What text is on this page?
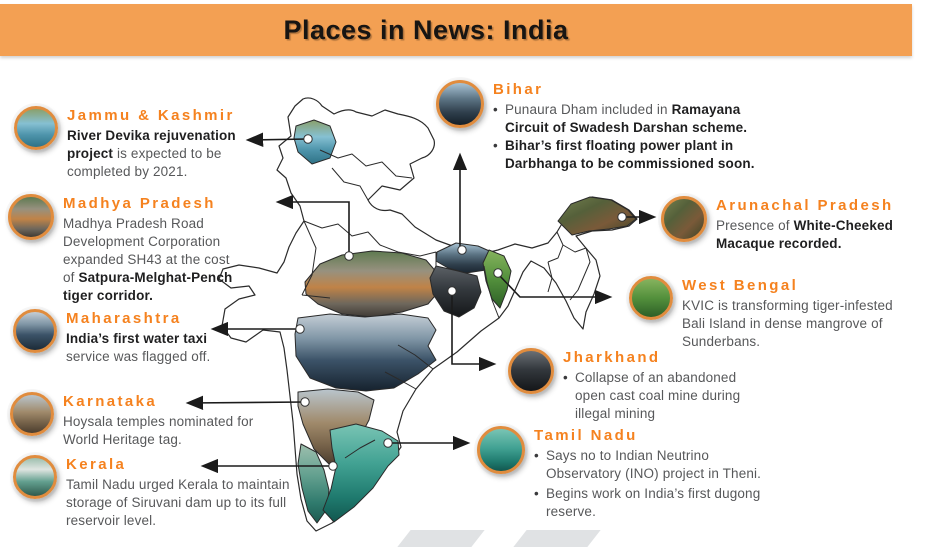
Places in News: India
Jammu & Kashmir

River Devika rejuvenation project is expected to be completed by 2021.

Madhya Pradesh

Madhya Pradesh Road Development Corporation expanded SH43 at the cost of Satpura-Melghat-Pench tiger corridor.

Maharashtra

India’s first water taxi service was flagged off.

Karnataka

Hoysala temples nominated for World Heritage tag.

Kerala

Tamil Nadu urged Kerala to maintain storage of Siruvani dam up to its full reservoir level.

Bihar

• Punaura Dham included in Ramayana Circuit of Swadesh Darshan scheme.

• Bihar’s first floating power plant in Darbhanga to be commissioned soon.

Arunachal Pradesh

Presence of White-Cheeked Macaque recorded.

West Bengal

KVIC is transforming tiger-infested Bali Island in dense mangrove of Sunderbans.

Jharkhand

• Collapse of an abandoned open cast coal mine during illegal mining

Tamil Nadu

• Says no to Indian Neutrino Observatory (INO) project in Theni.

• Begins work on India’s first dugong reserve.
